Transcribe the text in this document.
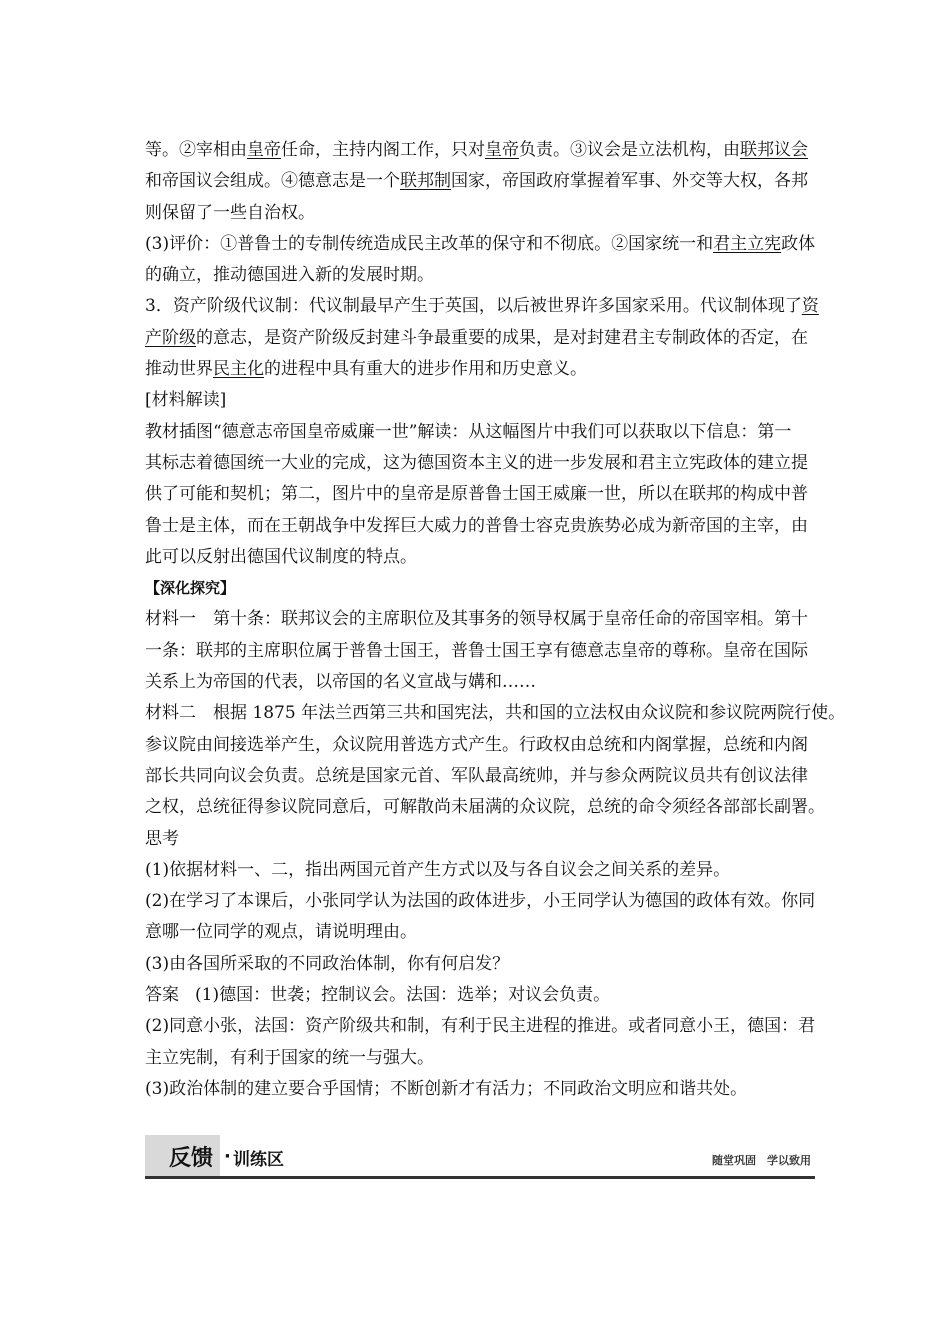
等。②宰相由皇帝任命，主持内阁工作，只对皇帝负责。③议会是立法机构，由联邦议会
和帝国议会组成。④德意志是一个联邦制国家，帝国政府掌握着军事、外交等大权，各邦
则保留了一些自治权。
(3)评价：①普鲁士的专制传统造成民主改革的保守和不彻底。②国家统一和君主立宪政体
的确立，推动德国进入新的发展时期。
3．资产阶级代议制：代议制最早产生于英国，以后被世界许多国家采用。代议制体现了资
产阶级的意志，是资产阶级反封建斗争最重要的成果，是对封建君主专制政体的否定，在
推动世界民主化的进程中具有重大的进步作用和历史意义。
[材料解读]
教材插图“德意志帝国皇帝威廉一世”解读：从这幅图片中我们可以获取以下信息：第一
其标志着德国统一大业的完成，这为德国资本主义的进一步发展和君主立宪政体的建立提
供了可能和契机；第二，图片中的皇帝是原普鲁士国王威廉一世，所以在联邦的构成中普
鲁士是主体，而在王朝战争中发挥巨大威力的普鲁士容克贵族势必成为新帝国的主宰，由
此可以反射出德国代议制度的特点。
【深化探究】
材料一　第十条：联邦议会的主席职位及其事务的领导权属于皇帝任命的帝国宰相。第十
一条：联邦的主席职位属于普鲁士国王，普鲁士国王享有德意志皇帝的尊称。皇帝在国际
关系上为帝国的代表，以帝国的名义宣战与媾和……
材料二　根据 1875 年法兰西第三共和国宪法，共和国的立法权由众议院和参议院两院行使。
参议院由间接选举产生，众议院用普选方式产生。行政权由总统和内阁掌握，总统和内阁
部长共同向议会负责。总统是国家元首、军队最高统帅，并与参众两院议员共有创议法律
之权，总统征得参议院同意后，可解散尚未届满的众议院，总统的命令须经各部部长副署。
思考
(1)依据材料一、二，指出两国元首产生方式以及与各自议会之间关系的差异。
(2)在学习了本课后，小张同学认为法国的政体进步，小王同学认为德国的政体有效。你同
意哪一位同学的观点，请说明理由。
(3)由各国所采取的不同政治体制，你有何启发？
答案 (1)德国：世袭；控制议会。法国：选举；对议会负责。
(2)同意小张，法国：资产阶级共和制，有利于民主进程的推进。或者同意小王，德国：君
主立宪制，有利于国家的统一与强大。
(3)政治体制的建立要合乎国情；不断创新才有活力；不同政治文明应和谐共处。
反馈 · 训练区	随堂巩固　学以致用
